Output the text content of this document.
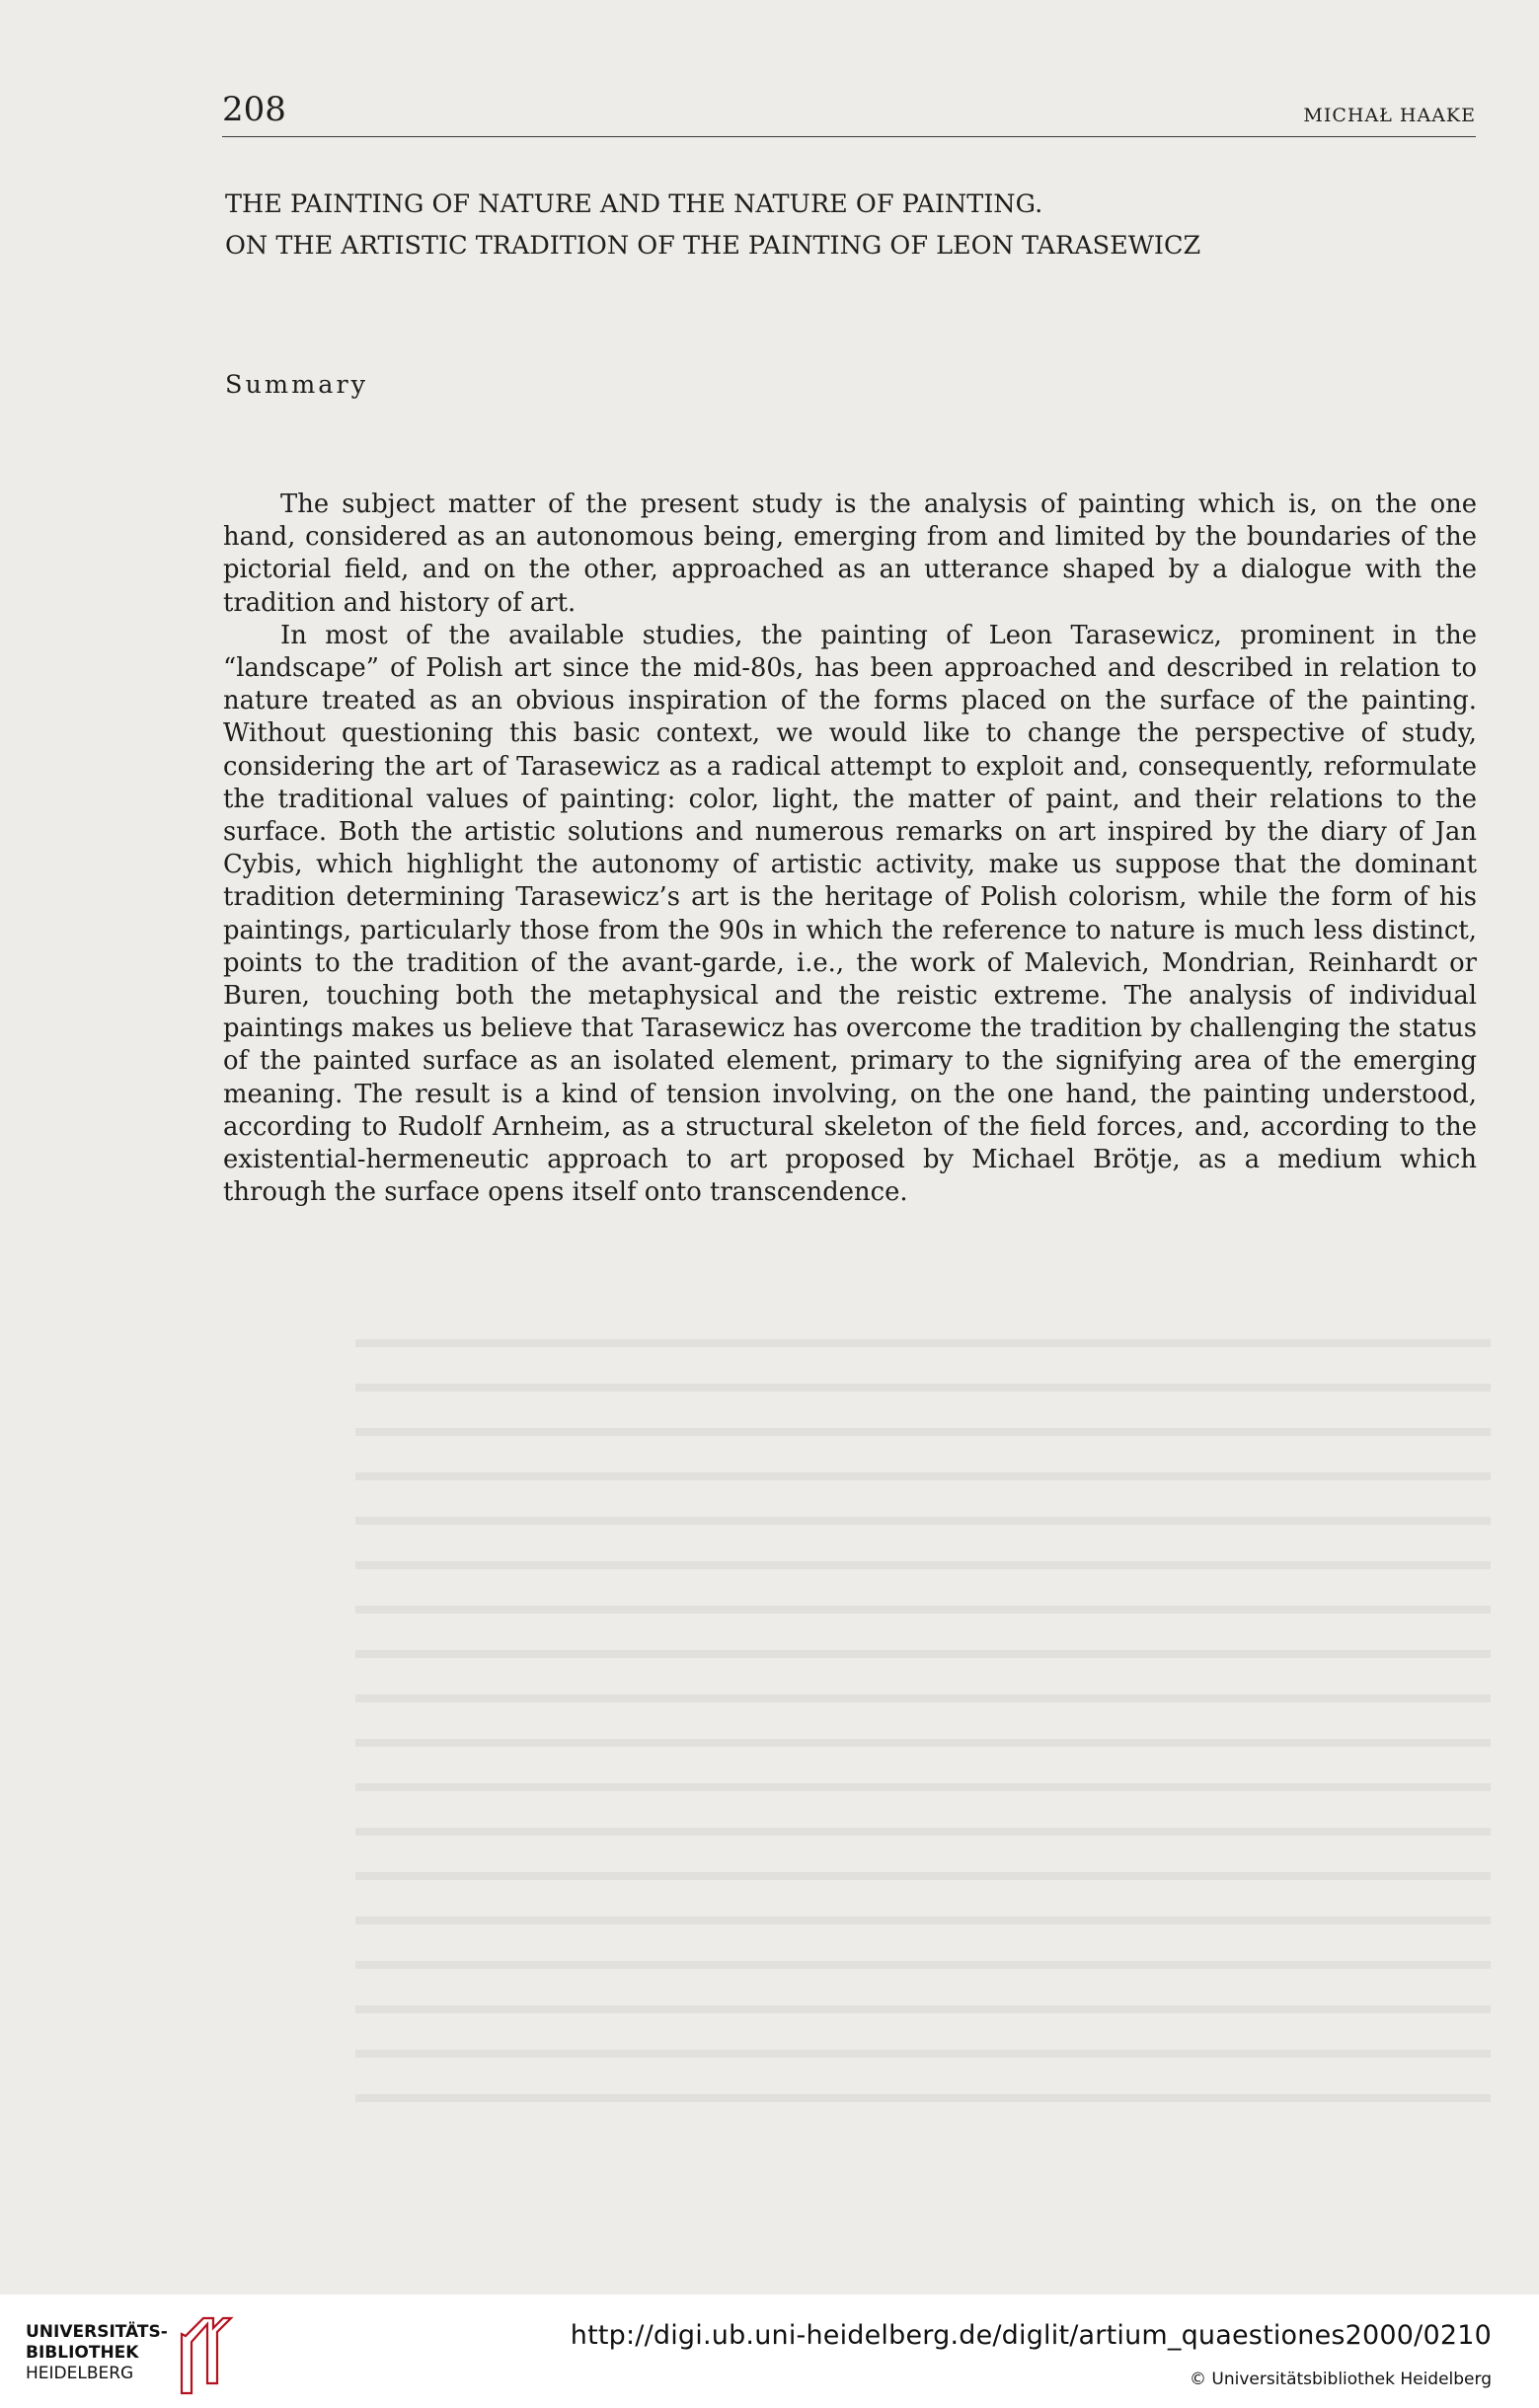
208	MICHAŁ HAAKE
THE PAINTING OF NATURE AND THE NATURE OF PAINTING.
ON THE ARTISTIC TRADITION OF THE PAINTING OF LEON TARASEWICZ
Summary

The subject matter of the present study is the analysis of painting which is, on the one hand, considered as an autonomous being, emerging from and limited by the boundaries of the pictorial field, and on the other, approached as an utterance shaped by a dialogue with the tradition and history of art.

In most of the available studies, the painting of Leon Tarasewicz, prominent in the “landscape” of Polish art since the mid-80s, has been approached and described in relation to nature treated as an obvious inspiration of the forms placed on the surface of the painting. Without questioning this basic context, we would like to change the perspective of study, considering the art of Tarasewicz as a radical attempt to exploit and, consequently, reformulate the traditional values of painting: color, light, the matter of paint, and their relations to the surface. Both the artistic solutions and numerous remarks on art inspired by the diary of Jan Cybis, which highlight the autonomy of artistic activity, make us suppose that the dominant tradition determining Tarasewicz’s art is the heritage of Polish colorism, while the form of his paintings, particularly those from the 90s in which the reference to nature is much less distinct, points to the tradition of the avant-garde, i.e., the work of Malevich, Mondrian, Reinhardt or Buren, touching both the metaphysical and the reistic extreme. The analysis of individual paintings makes us believe that Tarasewicz has overcome the tradition by challenging the status of the painted surface as an isolated element, primary to the signifying area of the emerging meaning. The result is a kind of tension involving, on the one hand, the painting understood, according to Rudolf Arnheim, as a structural skeleton of the field forces, and, according to the existential-hermeneutic approach to art proposed by Michael Brötje, as a medium which through the surface opens itself onto transcendence.

UNIVERSITÄTS-
BIBLIOTHEK
HEIDELBERG
http://digi.ub.uni-heidelberg.de/diglit/artium_quaestiones2000/0210
© Universitätsbibliothek Heidelberg
